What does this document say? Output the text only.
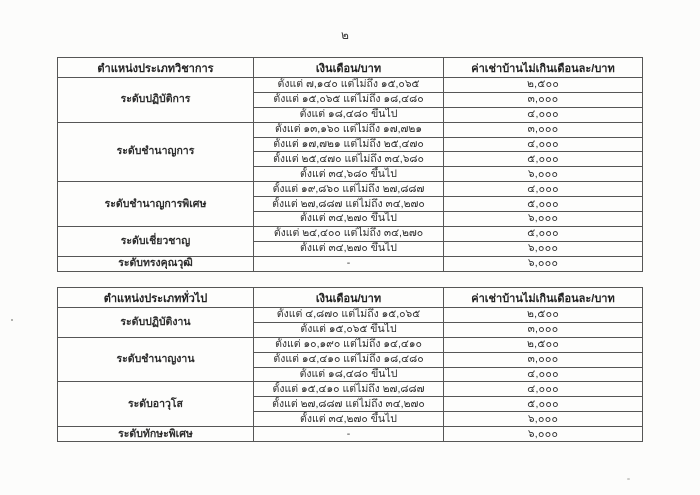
๒
ตำแหน่งประเภทวิชาการ	เงินเดือน/บาท	ค่าเช่าบ้านไม่เกินเดือนละ/บาท
ระดับปฏิบัติการ	ตั้งแต่ ๗,๑๔๐ แต่ไม่ถึง ๑๕,๐๖๕	๒,๕๐๐
	ตั้งแต่ ๑๕,๐๖๕ แต่ไม่ถึง ๑๘,๔๘๐	๓,๐๐๐
	ตั้งแต่ ๑๘,๔๘๐ ขึ้นไป	๔,๐๐๐
ระดับชำนาญการ	ตั้งแต่ ๑๓,๑๖๐ แต่ไม่ถึง ๑๗,๗๒๑	๓,๐๐๐
	ตั้งแต่ ๑๗,๗๒๑ แต่ไม่ถึง ๒๕,๔๗๐	๔,๐๐๐
	ตั้งแต่ ๒๕,๔๗๐ แต่ไม่ถึง ๓๔,๖๘๐	๕,๐๐๐
	ตั้งแต่ ๓๔,๖๘๐ ขึ้นไป	๖,๐๐๐
ระดับชำนาญการพิเศษ	ตั้งแต่ ๑๙,๘๖๐ แต่ไม่ถึง ๒๗,๘๘๗	๔,๐๐๐
	ตั้งแต่ ๒๗,๘๘๗ แต่ไม่ถึง ๓๔,๒๗๐	๕,๐๐๐
	ตั้งแต่ ๓๔,๒๗๐ ขึ้นไป	๖,๐๐๐
ระดับเชี่ยวชาญ	ตั้งแต่ ๒๔,๔๐๐ แต่ไม่ถึง ๓๔,๒๗๐	๕,๐๐๐
	ตั้งแต่ ๓๔,๒๗๐ ขึ้นไป	๖,๐๐๐
ระดับทรงคุณวุฒิ	-	๖,๐๐๐
ตำแหน่งประเภททั่วไป	เงินเดือน/บาท	ค่าเช่าบ้านไม่เกินเดือนละ/บาท
ระดับปฏิบัติงาน	ตั้งแต่ ๔,๘๗๐ แต่ไม่ถึง ๑๕,๐๖๕	๒,๕๐๐
	ตั้งแต่ ๑๕,๐๖๕ ขึ้นไป	๓,๐๐๐
ระดับชำนาญงาน	ตั้งแต่ ๑๐,๑๙๐ แต่ไม่ถึง ๑๔,๔๑๐	๒,๕๐๐
	ตั้งแต่ ๑๔,๔๑๐ แต่ไม่ถึง ๑๘,๔๘๐	๓,๐๐๐
	ตั้งแต่ ๑๘,๔๘๐ ขึ้นไป	๔,๐๐๐
ระดับอาวุโส	ตั้งแต่ ๑๕,๔๑๐ แต่ไม่ถึง ๒๗,๘๘๗	๔,๐๐๐
	ตั้งแต่ ๒๗,๘๘๗ แต่ไม่ถึง ๓๔,๒๗๐	๕,๐๐๐
	ตั้งแต่ ๓๔,๒๗๐ ขึ้นไป	๖,๐๐๐
ระดับทักษะพิเศษ	-	๖,๐๐๐
